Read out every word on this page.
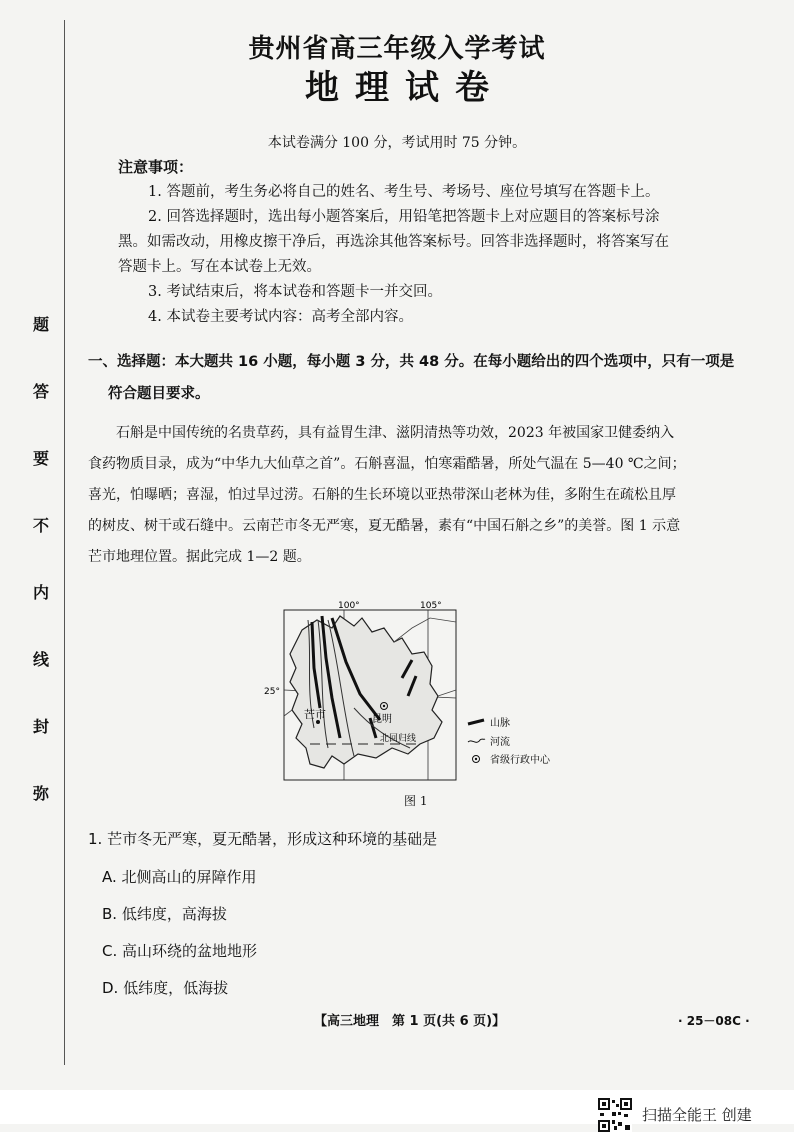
题
答
要
不
内
线
封
弥
贵州省高三年级入学考试
地理试卷
本试卷满分 100 分，考试用时 75 分钟。

注意事项：

1. 答题前，考生务必将自己的姓名、考生号、考场号、座位号填写在答题卡上。

2. 回答选择题时，选出每小题答案后，用铅笔把答题卡上对应题目的答案标号涂

黑。如需改动，用橡皮擦干净后，再选涂其他答案标号。回答非选择题时，将答案写在

答题卡上。写在本试卷上无效。

3. 考试结束后，将本试卷和答题卡一并交回。

4. 本试卷主要考试内容：高考全部内容。

一、选择题：本大题共 16 小题，每小题 3 分，共 48 分。在每小题给出的四个选项中，只有一项是
符合题目要求。
石斛是中国传统的名贵草药，具有益胃生津、滋阴清热等功效，2023 年被国家卫健委纳入
食药物质目录，成为“中华九大仙草之首”。石斛喜温，怕寒霜酷暑，所处气温在 5—40 ℃之间；
喜光，怕曝晒；喜湿，怕过旱过涝。石斛的生长环境以亚热带深山老林为佳，多附生在疏松且厚
的树皮、树干或石缝中。云南芒市冬无严寒，夏无酷暑，素有“中国石斛之乡”的美誉。图 1 示意
芒市地理位置。据此完成 1—2 题。
100°	105°
25°
芒市	昆明
北回归线
山脉
河流
省级行政中心
图 1
1. 芒市冬无严寒，夏无酷暑，形成这种环境的基础是
A. 北侧高山的屏障作用
B. 低纬度，高海拔
C. 高山环绕的盆地地形
D. 低纬度，低海拔
【高三地理　第 1 页(共 6 页)】	· 25－08C ·
扫描全能王 创建
